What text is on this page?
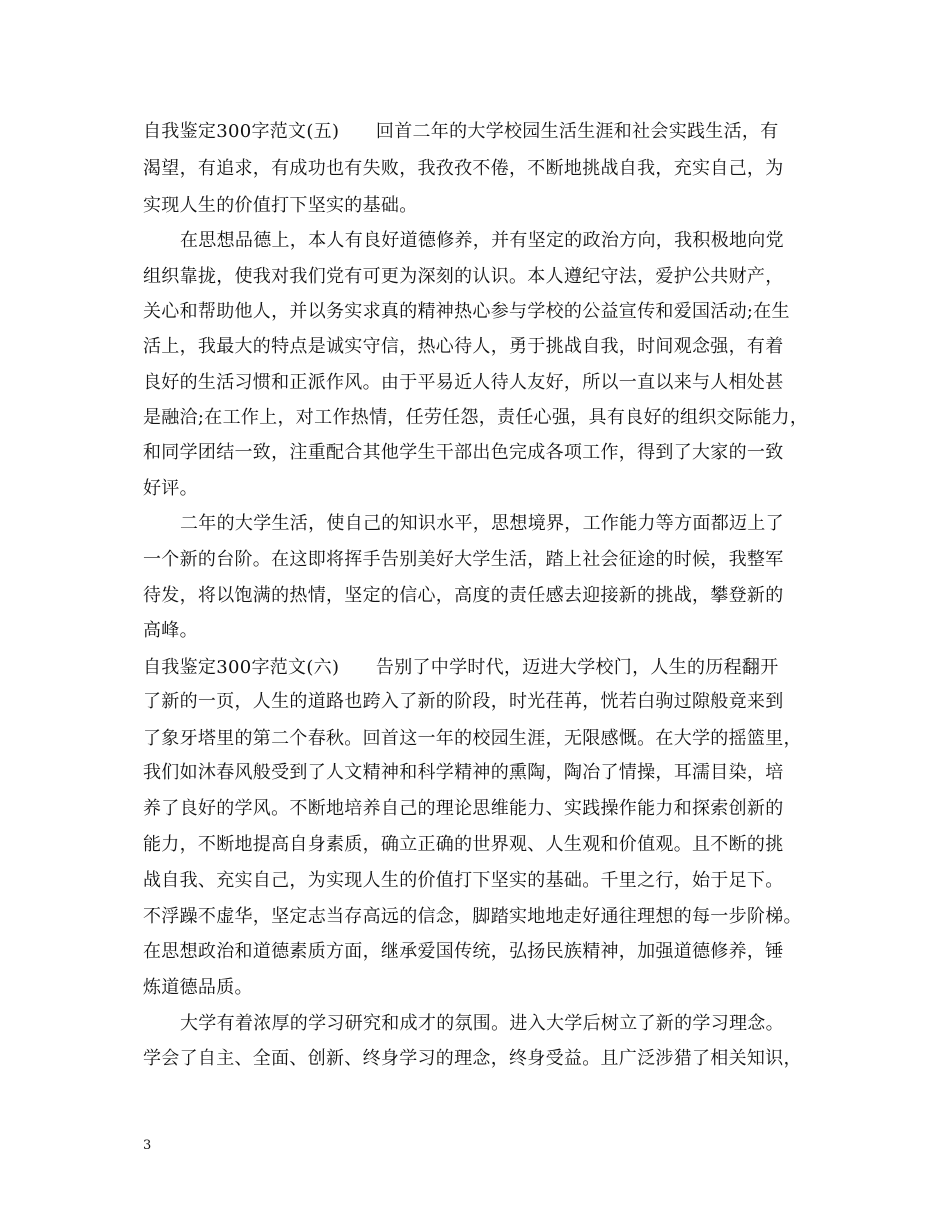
自我鉴定300字范文(五)　　回首二年的大学校园生活生涯和社会实践生活，有
渴望，有追求，有成功也有失败，我孜孜不倦，不断地挑战自我，充实自己，为
实现人生的价值打下坚实的基础。
在思想品德上，本人有良好道德修养，并有坚定的政治方向，我积极地向党
组织靠拢，使我对我们党有可更为深刻的认识。本人遵纪守法，爱护公共财产，
关心和帮助他人，并以务实求真的精神热心参与学校的公益宣传和爱国活动;在生
活上，我最大的特点是诚实守信，热心待人，勇于挑战自我，时间观念强，有着
良好的生活习惯和正派作风。由于平易近人待人友好，所以一直以来与人相处甚
是融洽;在工作上，对工作热情，任劳任怨，责任心强，具有良好的组织交际能力，
和同学团结一致，注重配合其他学生干部出色完成各项工作，得到了大家的一致
好评。
二年的大学生活，使自己的知识水平，思想境界，工作能力等方面都迈上了
一个新的台阶。在这即将挥手告别美好大学生活，踏上社会征途的时候，我整军
待发，将以饱满的热情，坚定的信心，高度的责任感去迎接新的挑战，攀登新的
高峰。
自我鉴定300字范文(六)　　告别了中学时代，迈进大学校门，人生的历程翻开
了新的一页，人生的道路也跨入了新的阶段，时光荏苒，恍若白驹过隙般竟来到
了象牙塔里的第二个春秋。回首这一年的校园生涯，无限感慨。在大学的摇篮里，
我们如沐春风般受到了人文精神和科学精神的熏陶，陶冶了情操，耳濡目染，培
养了良好的学风。不断地培养自己的理论思维能力、实践操作能力和探索创新的
能力，不断地提高自身素质，确立正确的世界观、人生观和价值观。且不断的挑
战自我、充实自己，为实现人生的价值打下坚实的基础。千里之行，始于足下。
不浮躁不虚华，坚定志当存高远的信念，脚踏实地地走好通往理想的每一步阶梯。
在思想政治和道德素质方面，继承爱国传统，弘扬民族精神，加强道德修养，锤
炼道德品质。
大学有着浓厚的学习研究和成才的氛围。进入大学后树立了新的学习理念。
学会了自主、全面、创新、终身学习的理念，终身受益。且广泛涉猎了相关知识，
3
